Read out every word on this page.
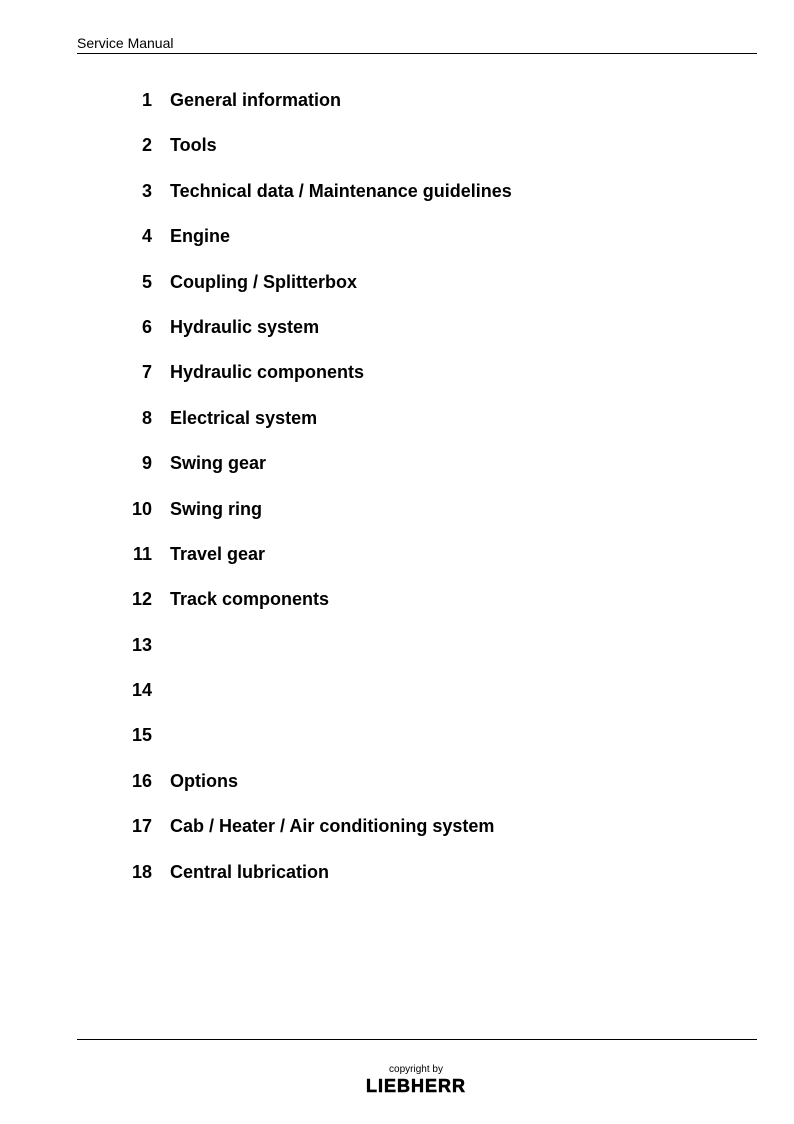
Service Manual
1 General information
2 Tools
3 Technical data / Maintenance guidelines
4 Engine
5 Coupling / Splitterbox
6 Hydraulic system
7 Hydraulic components
8 Electrical system
9 Swing gear
10 Swing ring
11 Travel gear
12 Track components
13
14
15
16 Options
17 Cab / Heater / Air conditioning system
18 Central lubrication
copyright by
LIEBHERR
